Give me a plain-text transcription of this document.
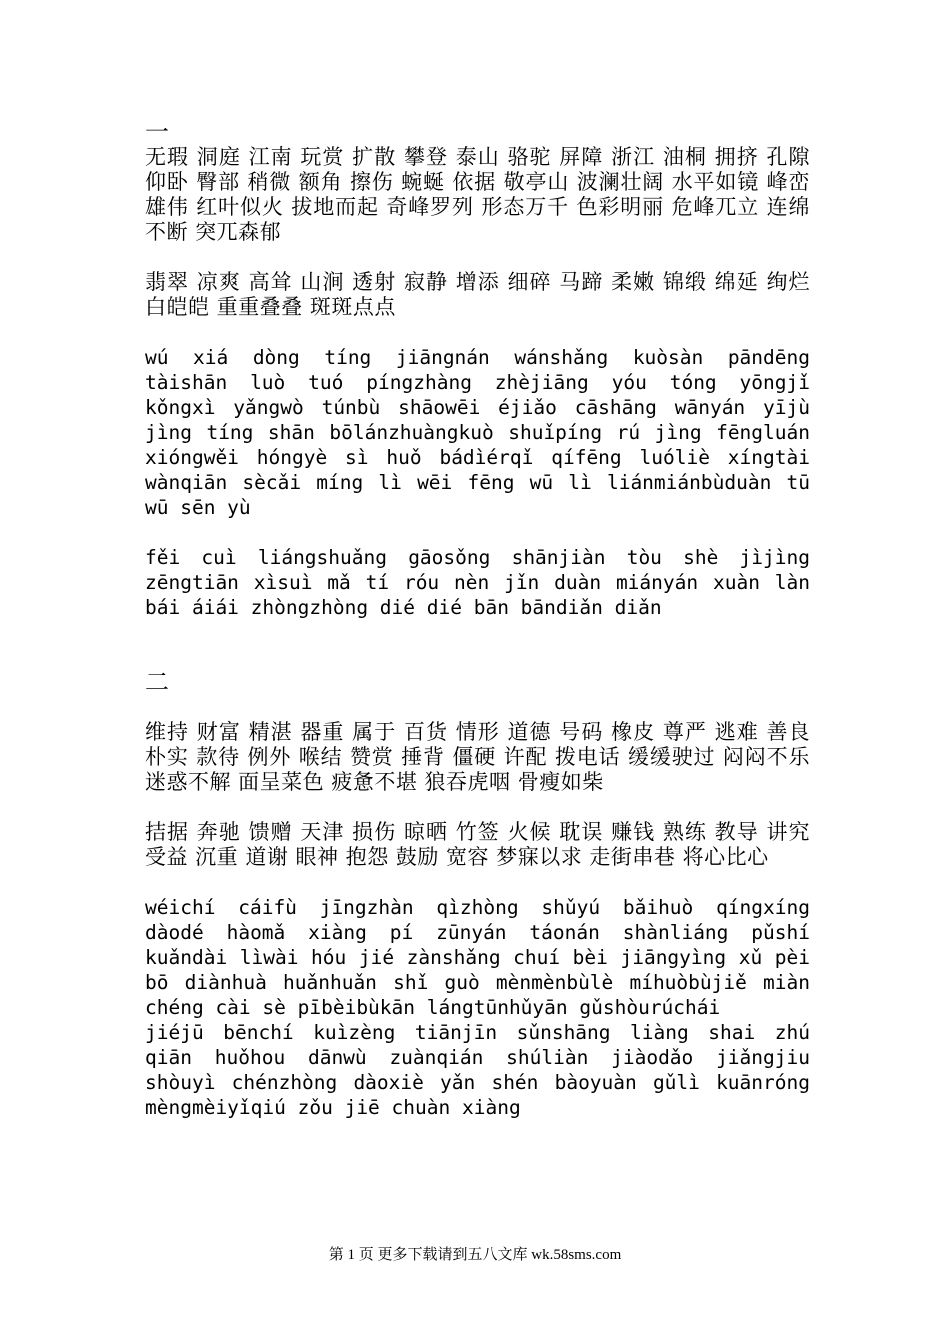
一

无瑕 洞庭 江南 玩赏 扩散 攀登 泰山 骆驼 屏障 浙江 油桐 拥挤 孔隙 仰卧 臀部 稍微 额角 擦伤 蜿蜒 依据 敬亭山 波澜壮阔 水平如镜 峰峦雄伟 红叶似火 拔地而起 奇峰罗列 形态万千 色彩明丽 危峰兀立 连绵不断 突兀森郁

翡翠 凉爽 高耸 山涧 透射 寂静 增添 细碎 马蹄 柔嫩 锦缎 绵延 绚烂 白皑皑 重重叠叠 斑斑点点

wú xiá dòng tíng jiāngnán wánshǎng kuòsàn pāndēng tàishān luò tuó píngzhàng zhèjiāng yóu tóng yōngjǐ kǒngxì yǎngwò túnbù shāowēi éjiǎo cāshāng wānyán yījù jìng tíng shān bōlánzhuàngkuò shuǐpíng rú jìng fēngluán xióngwěi hóngyè sì huǒ bádìérqǐ qífēng luóliè xíngtài wànqiān sècǎi míng lì wēi fēng wū lì liánmiánbùduàn tū wū sēn yù

fěi cuì liángshuǎng gāosǒng shānjiàn tòu shè jìjìng zēngtiān xìsuì mǎ tí róu nèn jǐn duàn miányán xuàn làn bái áiái zhòngzhòng dié dié bān bāndiǎn diǎn

二

维持 财富 精湛 器重 属于 百货 情形 道德 号码 橡皮 尊严 逃难 善良 朴实 款待 例外 喉结 赞赏 捶背 僵硬 许配 拨电话 缓缓驶过 闷闷不乐 迷惑不解 面呈菜色 疲惫不堪 狼吞虎咽 骨瘦如柴

拮据 奔驰 馈赠 天津 损伤 晾晒 竹签 火候 耽误 赚钱 熟练 教导 讲究 受益 沉重 道谢 眼神 抱怨 鼓励 宽容 梦寐以求 走街串巷 将心比心

wéichí cáifù jīngzhàn qìzhòng shǔyú bǎihuò qíngxíng dàodé hàomǎ xiàng pí zūnyán táonán shànliáng pǔshí kuǎndài lìwài hóu jié zànshǎng chuí bèi jiāngyìng xǔ pèi bō diànhuà huǎnhuǎn shǐ guò mènmènbùlè míhuòbùjiě miàn chéng cài sè pībèibùkān lángtūnhǔyān gǔshòurúchái

jiéjū bēnchí kuìzèng tiānjīn sǔnshāng liàng shai zhú qiān huǒhou dānwù zuànqián shúliàn jiàodǎo jiǎngjiu shòuyì chénzhòng dàoxiè yǎn shén bàoyuàn gǔlì kuānróng mèngmèiyǐqiú zǒu jiē chuàn xiàng

第 1 页 更多下载请到五八文库 wk.58sms.com
